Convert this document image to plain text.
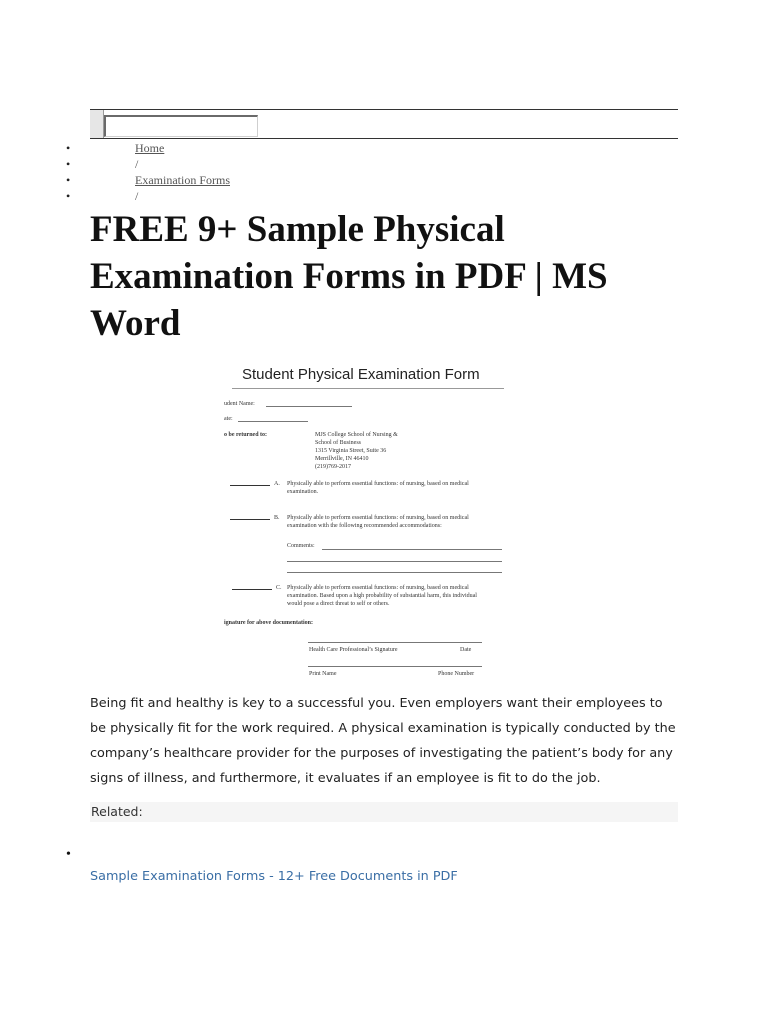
•	Home
•	/
•	Examination Forms
•	/
FREE 9+ Sample Physical Examination Forms in PDF | MS Word
Student Physical Examination Form
udent Name:
ate:
o be returned to:	MJS College School of Nursing &
School of Business
1315 Virginia Street, Suite 36
Merrillville, IN 46410
(219)769-2017
A. Physically able to perform essential functions: of nursing, based on medical
examination.
B. Physically able to perform essential functions: of nursing, based on medical
examination with the following recommended accommodations:
Comments:
C. Physically able to perform essential functions: of nursing, based on medical
examination. Based upon a high probability of substantial harm, this individual
would pose a direct threat to self or others.
ignature for above documentation:
Health Care Professional’s Signature	Date
Print Name	Phone Number

Being fit and healthy is key to a successful you. Even employers want their employees to be physically fit for the work required. A physical examination is typically conducted by the company’s healthcare provider for the purposes of investigating the patient’s body for any signs of illness, and furthermore, it evaluates if an employee is fit to do the job.

Related:
•
Sample Examination Forms - 12+ Free Documents in PDF
